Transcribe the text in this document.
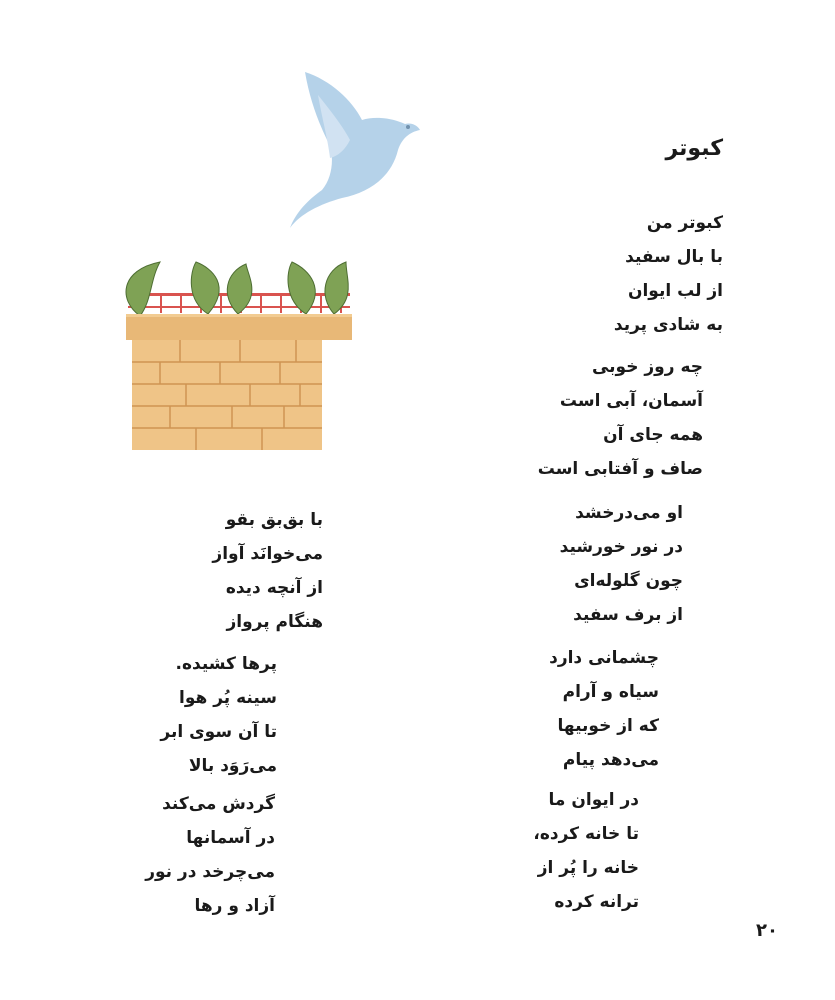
کبوتر
کبوتر من
با بال سفید
از لب ایوان
به شادی پرید
چه روز خوبی
آسمان، آبی است
همه جای آن
صاف و آفتابی است
او می‌درخشد
در نور خورشید
چون گلوله‌ای
از برف سفید
چشمانی دارد
سیاه و آرام
که از خوبیها
می‌دهد پیام
در ایوان ما
تا خانه کرده،
خانه را پُر از
ترانه کرده
با بق‌بق بقو
می‌خوانَد آواز
از آنچه دیده
هنگام پرواز
پرها کشیده.
سینه پُر هوا
تا آن سوی ابر
می‌رَوَد بالا
گردش می‌کند
در آسمانها
می‌چرخد در نور
آزاد و رها
۲۰
